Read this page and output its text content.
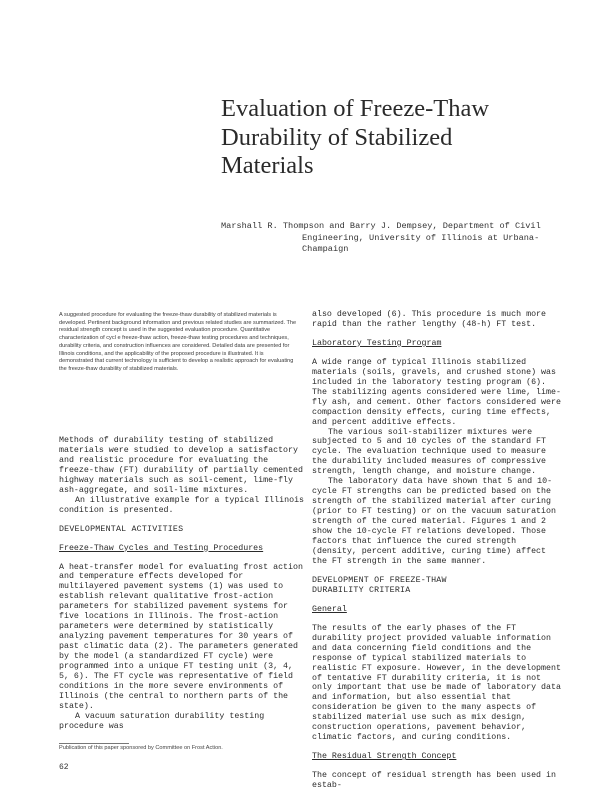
Evaluation of Freeze-Thaw
Durability of Stabilized
Materials
Marshall R. Thompson and Barry J. Dempsey, Department of Civil
Engineering, University of Illinois at Urbana-Champaign

A suggested procedure for evaluating the freeze-thaw durability of stabilized materials is developed. Pertinent background information and previous related studies are summarized. The residual strength concept is used in the suggested evaluation procedure. Quantitative characterization of cycl e freeze-thaw action, freeze-thaw testing procedures and techniques, durability criteria, and construction influences are considered. Detailed data are presented for Illinois conditions, and the applicability of the proposed procedure is illustrated. It is demonstrated that current technology is sufficient to develop a realistic approach for evaluating the freeze-thaw durability of stabilized materials.

Methods of durability testing of stabilized materials were studied to develop a satisfactory and realistic procedure for evaluating the freeze-thaw (FT) durability of partially cemented highway materials such as soil-cement, lime-fly ash-aggregate, and soil-lime mixtures.

An illustrative example for a typical Illinois condition is presented.

DEVELOPMENTAL ACTIVITIES
Freeze-Thaw Cycles and Testing Procedures

A heat-transfer model for evaluating frost action and temperature effects developed for multilayered pavement systems (1) was used to establish relevant qualitative frost-action parameters for stabilized pavement systems for five locations in Illinois. The frost-action parameters were determined by statistically analyzing pavement temperatures for 30 years of past climatic data (2). The parameters generated by the model (a standardized FT cycle) were programmed into a unique FT testing unit (3, 4, 5, 6). The FT cycle was representative of field conditions in the more severe environments of Illinois (the central to northern parts of the state).

A vacuum saturation durability testing procedure was

also developed (6). This procedure is much more rapid than the rather lengthy (48-h) FT test.

Laboratory Testing Program

A wide range of typical Illinois stabilized materials (soils, gravels, and crushed stone) was included in the laboratory testing program (6). The stabilizing agents considered were lime, lime-fly ash, and cement. Other factors considered were compaction density effects, curing time effects, and percent additive effects.

The various soil-stabilizer mixtures were subjected to 5 and 10 cycles of the standard FT cycle. The evaluation technique used to measure the durability included measures of compressive strength, length change, and moisture change.

The laboratory data have shown that 5 and 10-cycle FT strengths can be predicted based on the strength of the stabilized material after curing (prior to FT testing) or on the vacuum saturation strength of the cured material. Figures 1 and 2 show the 10-cycle FT relations developed. Those factors that influence the cured strength (density, percent additive, curing time) affect the FT strength in the same manner.

DEVELOPMENT OF FREEZE-THAW
DURABILITY CRITERIA
General

The results of the early phases of the FT durability project provided valuable information and data concerning field conditions and the response of typical stabilized materials to realistic FT exposure. However, in the development of tentative FT durability criteria, it is not only important that use be made of laboratory data and information, but also essential that consideration be given to the many aspects of stabilized material use such as mix design, construction operations, pavement behavior, climatic factors, and curing conditions.

The Residual Strength Concept

The concept of residual strength has been used in estab-

Publication of this paper sponsored by Committee on Frost Action.

62
